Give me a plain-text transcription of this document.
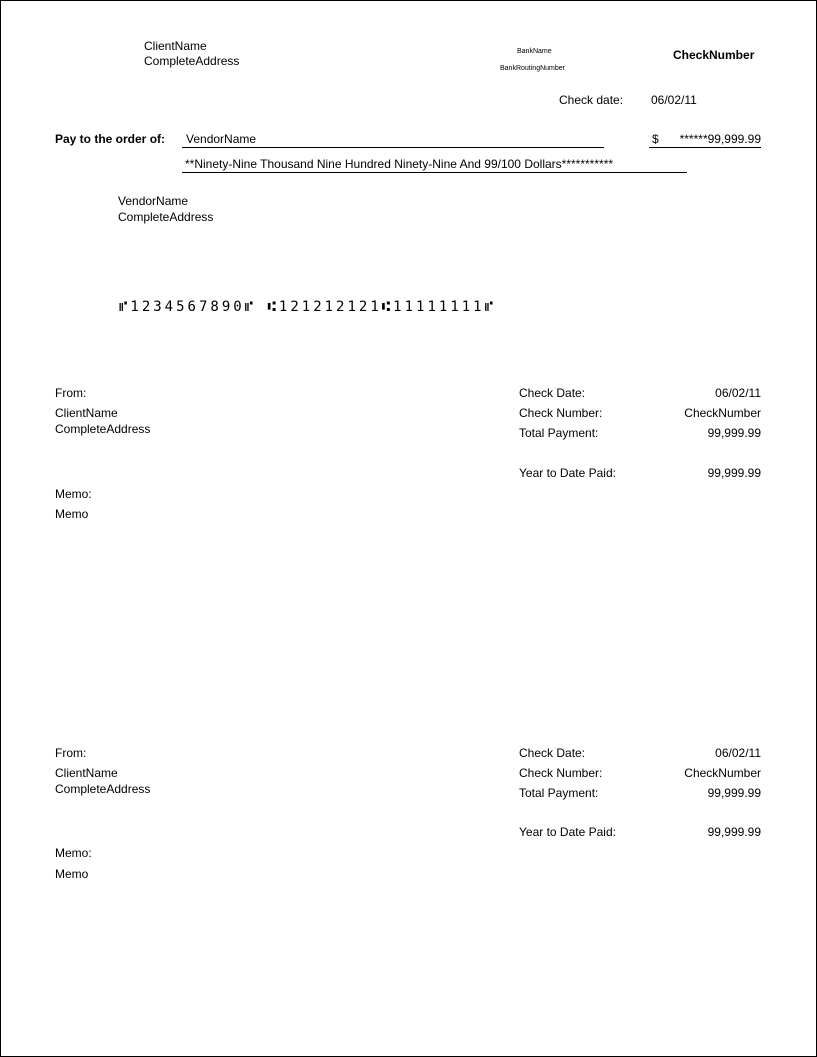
ClientName
CompleteAddress
BankName
BankRoutingNumber
CheckNumber
Check date: 06/02/11
Pay to the order of:	VendorName	$	******99,999.99
**Ninety-Nine Thousand Nine Hundred Ninety-Nine And 99/100 Dollars***********
VendorName
CompleteAddress
⑈1234567890⑈ ⑆121212121⑆11111111⑈
From:
ClientName
CompleteAddress
Memo:
Memo
Check Date:	06/02/11
Check Number:	CheckNumber
Total Payment:	99,999.99
Year to Date Paid:	99,999.99
From:
ClientName
CompleteAddress
Memo:
Memo
Check Date:	06/02/11
Check Number:	CheckNumber
Total Payment:	99,999.99
Year to Date Paid:	99,999.99
